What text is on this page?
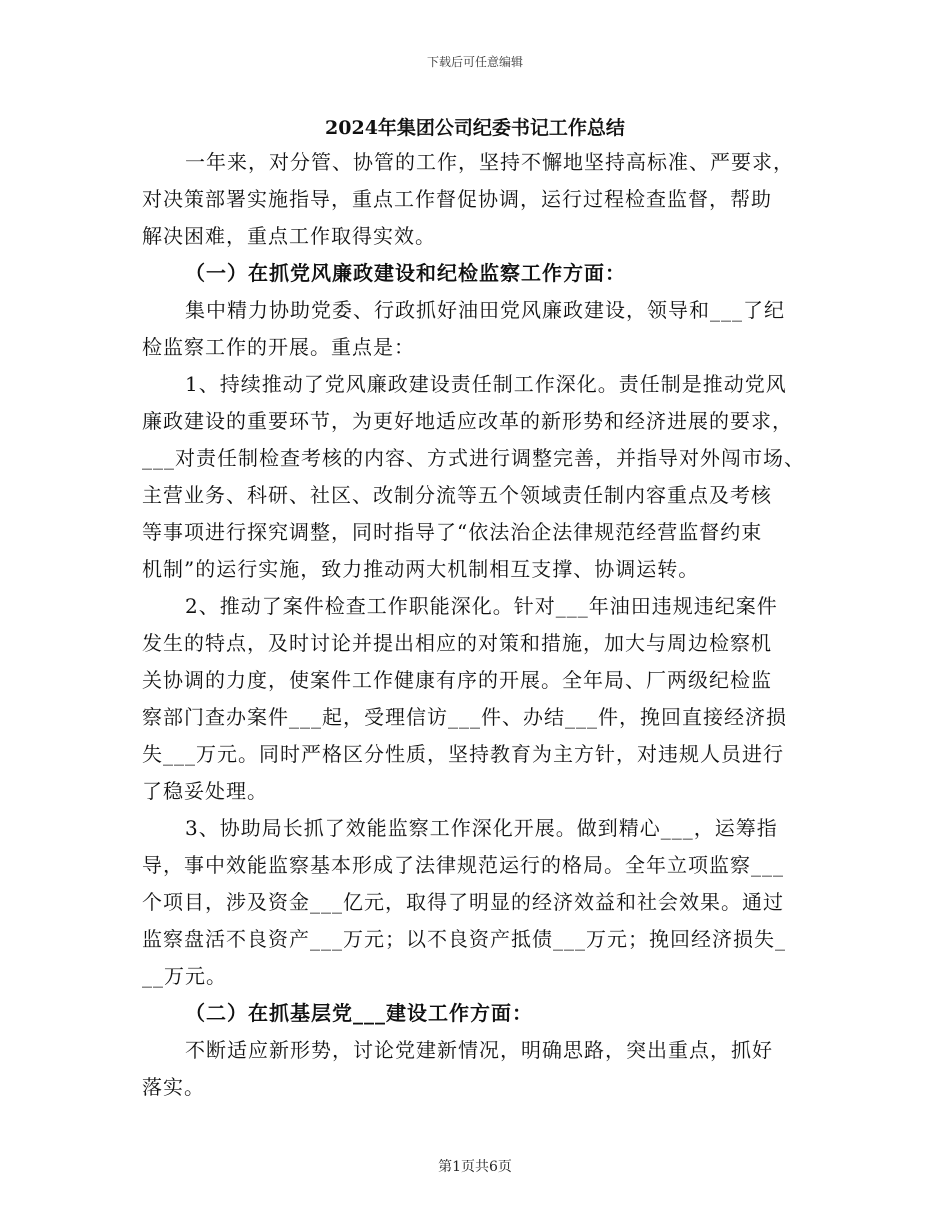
下载后可任意编辑
2024年集团公司纪委书记工作总结
一年来，对分管、协管的工作，坚持不懈地坚持高标准、严要求，
对决策部署实施指导，重点工作督促协调，运行过程检查监督，帮助
解决困难，重点工作取得实效。
（一）在抓党风廉政建设和纪检监察工作方面：
集中精力协助党委、行政抓好油田党风廉政建设，领导和___了纪
检监察工作的开展。重点是：
1、持续推动了党风廉政建设责任制工作深化。责任制是推动党风
廉政建设的重要环节，为更好地适应改革的新形势和经济进展的要求，
___对责任制检查考核的内容、方式进行调整完善，并指导对外闯市场、
主营业务、科研、社区、改制分流等五个领域责任制内容重点及考核
等事项进行探究调整，同时指导了“依法治企法律规范经营监督约束
机制”的运行实施，致力推动两大机制相互支撑、协调运转。
2、推动了案件检查工作职能深化。针对___年油田违规违纪案件
发生的特点，及时讨论并提出相应的对策和措施，加大与周边检察机
关协调的力度，使案件工作健康有序的开展。全年局、厂两级纪检监
察部门查办案件___起，受理信访___件、办结___件，挽回直接经济损
失___万元。同时严格区分性质，坚持教育为主方针，对违规人员进行
了稳妥处理。
3、协助局长抓了效能监察工作深化开展。做到精心___，运筹指
导，事中效能监察基本形成了法律规范运行的格局。全年立项监察___
个项目，涉及资金___亿元，取得了明显的经济效益和社会效果。通过
监察盘活不良资产___万元；以不良资产抵债___万元；挽回经济损失_
__万元。
（二）在抓基层党___建设工作方面：
不断适应新形势，讨论党建新情况，明确思路，突出重点，抓好
落实。
第1页共6页
